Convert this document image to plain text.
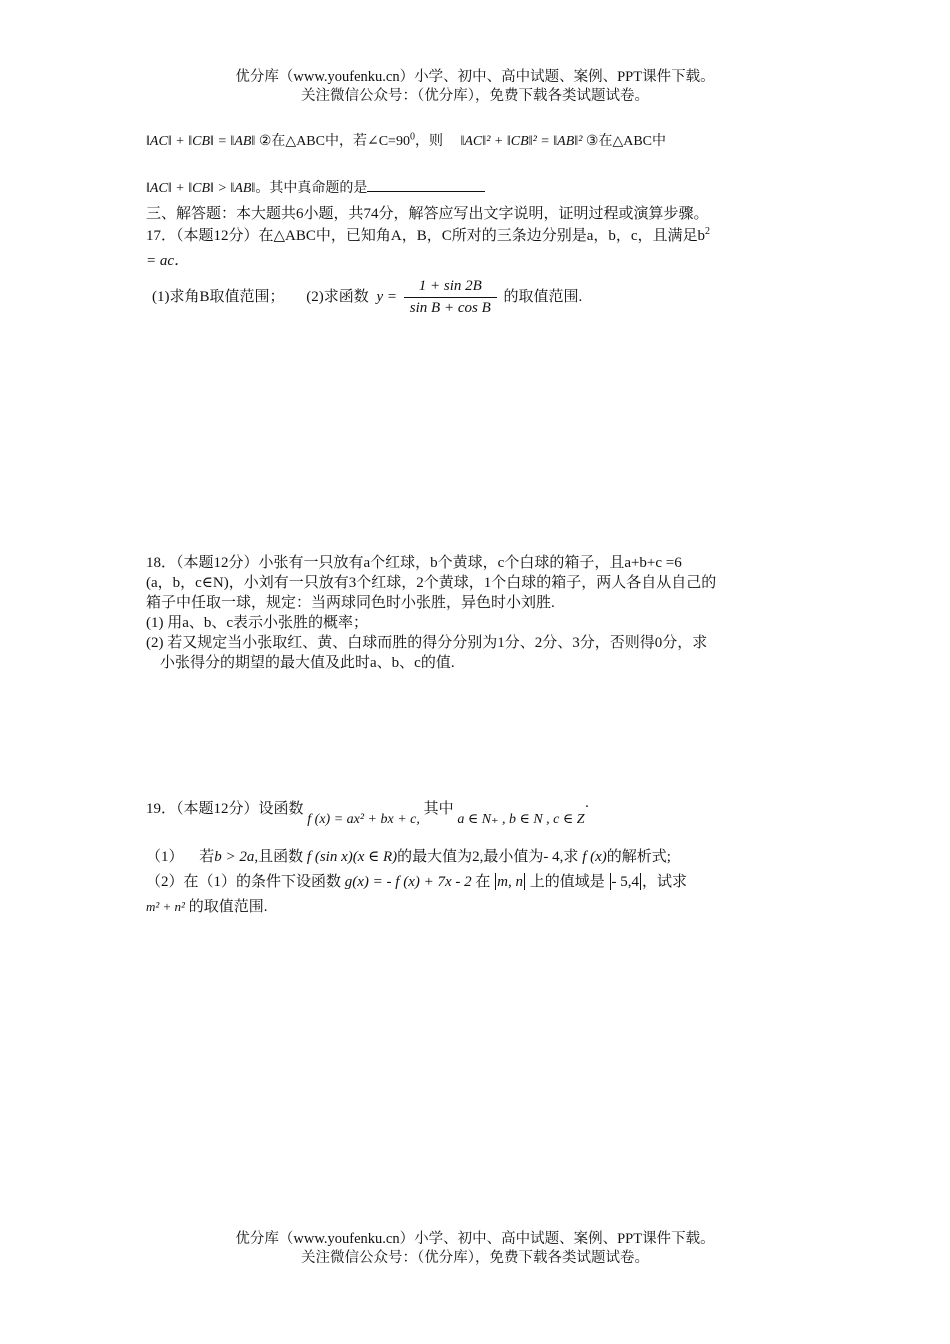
优分库（www.youfenku.cn）小学、初中、高中试题、案例、PPT课件下载。
关注微信公众号：（优分库），免费下载各类试题试卷。
‖AC‖ + ‖CB‖ = ‖AB‖ ②在△ABC中，若$\angle C=90^0$，则 ‖AC‖² + ‖CB‖² = ‖AB‖² ③在△ABC中
‖AC‖ + ‖CB‖ > ‖AB‖。其中真命题的是
三、解答题：本大题共6小题，共74分，解答应写出文字说明，证明过程或演算步骤。
17．（本题12分）在△ABC中，已知角A，B，C所对的三条边分别是a，b，c，且满足$b^2$
= ac．
(1)求角B取值范围； (2)求函数 $y = \frac{1 + \sin 2B}{\text{sin B + cos B}}$ 的取值范围.
18．（本题12分）小张有一只放有a个红球，b个黄球，c个白球的箱子，且a+b+c =6
(a，b，c∈N)，小刘有一只放有3个红球，2个黄球，1个白球的箱子，两人各自从自己的
箱子中任取一球，规定：当两球同色时小张胜，异色时小刘胜.
(1) 用a、b、c表示小张胜的概率；
(2) 若又规定当小张取红、黄、白球而胜的得分分别为1分、2分、3分，否则得0分，求
小张得分的期望的最大值及此时a、b、c的值.
19．（本题12分）设函数 f (x) = ax² + bx + c, 其中 a ∈ N₊ , b ∈ N , c ∈ Z·
（1） 若b > 2a,且函数 f (sin x)(x ∈ R)的最大值为2,最小值为- 4,求 f (x)的解析式;
（2）在（1）的条件下设函数 g(x) = - f (x) + 7x - 2 在 m, n 上的值域是 - 5,4 ，试求
m² + n² 的取值范围.
优分库（www.youfenku.cn）小学、初中、高中试题、案例、PPT课件下载。
关注微信公众号：（优分库），免费下载各类试题试卷。
